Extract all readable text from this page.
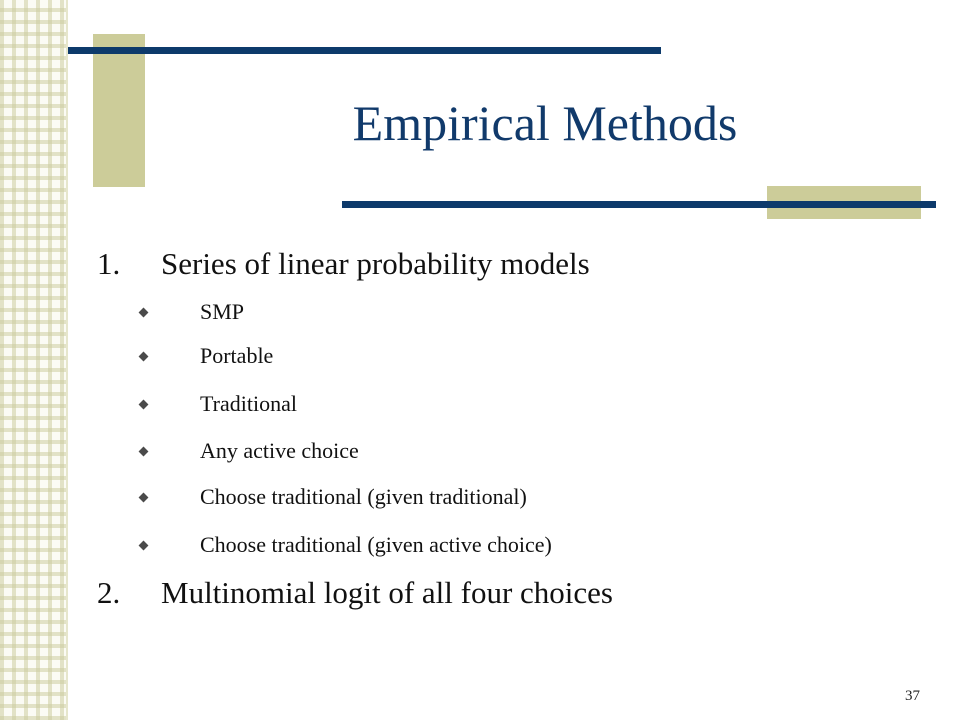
Empirical Methods
1. Series of linear probability models
SMP
Portable
Traditional
Any active choice
Choose traditional (given traditional)
Choose traditional (given active choice)
2. Multinomial logit of all four choices
37
